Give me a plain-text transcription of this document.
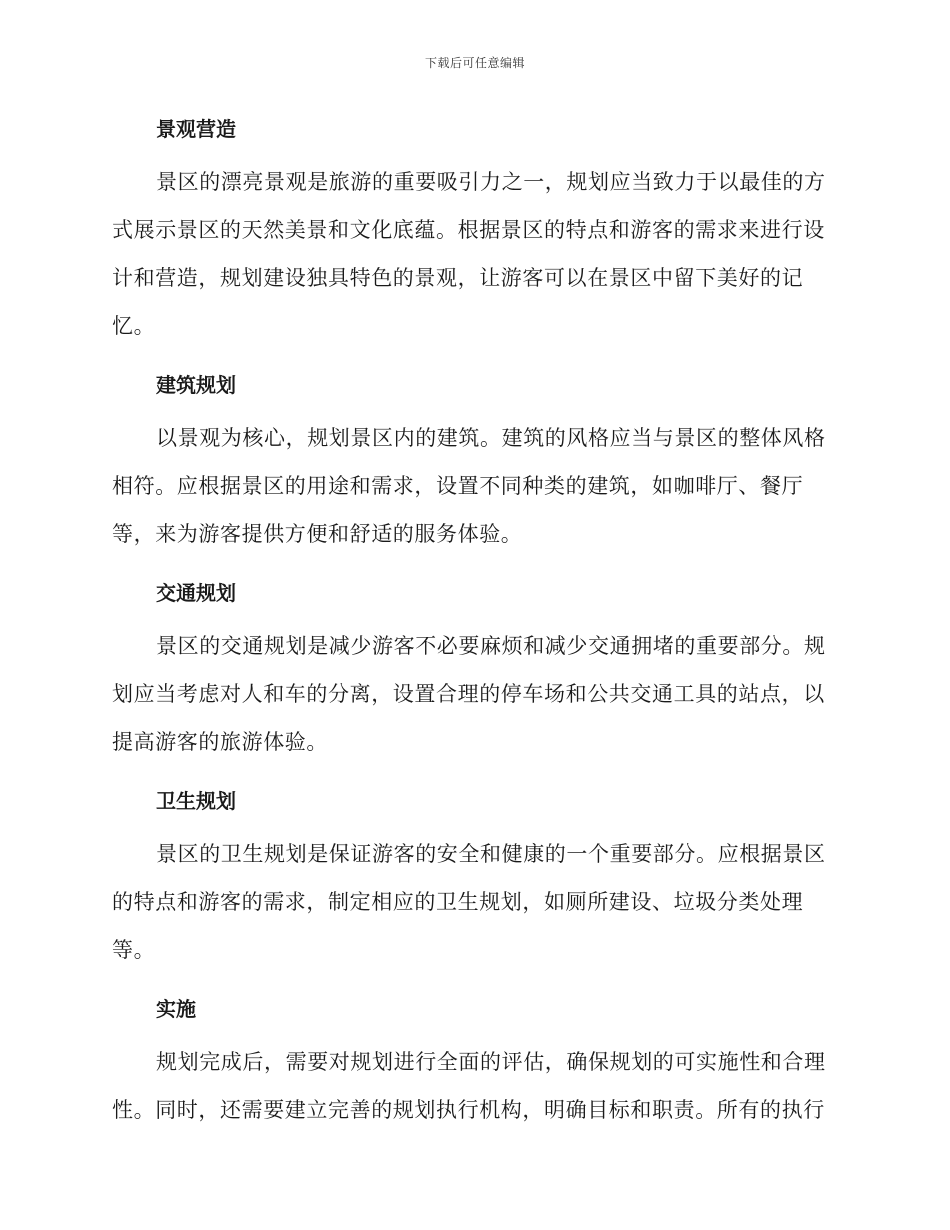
下载后可任意编辑
景观营造

景区的漂亮景观是旅游的重要吸引力之一，规划应当致力于以最佳的方式展示景区的天然美景和文化底蕴。根据景区的特点和游客的需求来进行设计和营造，规划建设独具特色的景观，让游客可以在景区中留下美好的记忆。

建筑规划

以景观为核心，规划景区内的建筑。建筑的风格应当与景区的整体风格相符。应根据景区的用途和需求，设置不同种类的建筑，如咖啡厅、餐厅等，来为游客提供方便和舒适的服务体验。

交通规划

景区的交通规划是减少游客不必要麻烦和减少交通拥堵的重要部分。规划应当考虑对人和车的分离，设置合理的停车场和公共交通工具的站点，以提高游客的旅游体验。

卫生规划

景区的卫生规划是保证游客的安全和健康的一个重要部分。应根据景区的特点和游客的需求，制定相应的卫生规划，如厕所建设、垃圾分类处理等。

实施

规划完成后，需要对规划进行全面的评估，确保规划的可实施性和合理性。同时，还需要建立完善的规划执行机构，明确目标和职责。所有的执行
